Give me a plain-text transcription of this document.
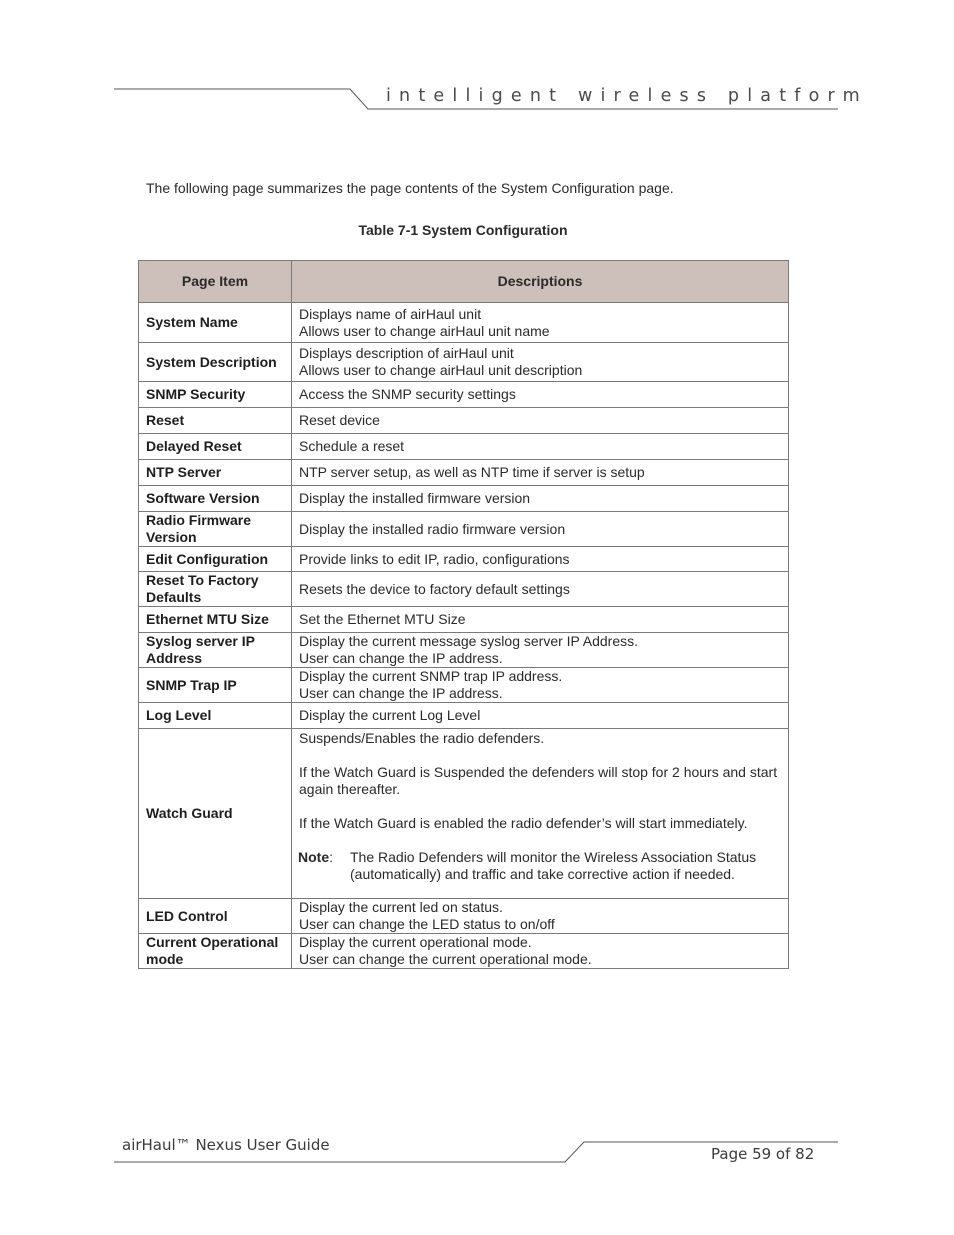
intelligent wireless platform
The following page summarizes the page contents of the System Configuration page.
Table 7-1 System Configuration
Page Item	Descriptions
System Name	Displays name of airHaul unit
Allows user to change airHaul unit name

System Description	Displays description of airHaul unit
Allows user to change airHaul unit description

SNMP Security	Access the SNMP security settings

Reset	Reset device

Delayed Reset	Schedule a reset

NTP Server	NTP server setup, as well as NTP time if server is setup

Software Version	Display the installed firmware version

Radio Firmware Version	Display the installed radio firmware version

Edit Configuration	Provide links to edit IP, radio, configurations

Reset To Factory Defaults	Resets the device to factory default settings

Ethernet MTU Size	Set the Ethernet MTU Size

Syslog server IP Address	Display the current message syslog server IP Address.
User can change the IP address.

SNMP Trap IP	Display the current SNMP trap IP address.
User can change the IP address.

Log Level	Display the current Log Level

Watch Guard	Suspends/Enables the radio defenders.
If the Watch Guard is Suspended the defenders will stop for 2 hours and start again thereafter.
If the Watch Guard is enabled the radio defender’s will start immediately.
Note: The Radio Defenders will monitor the Wireless Association Status (automatically) and traffic and take corrective action if needed.

LED Control	Display the current led on status.
User can change the LED status to on/off

Current Operational mode	Display the current operational mode.
User can change the current operational mode.
airHaul™ Nexus User Guide	Page 59 of 82
